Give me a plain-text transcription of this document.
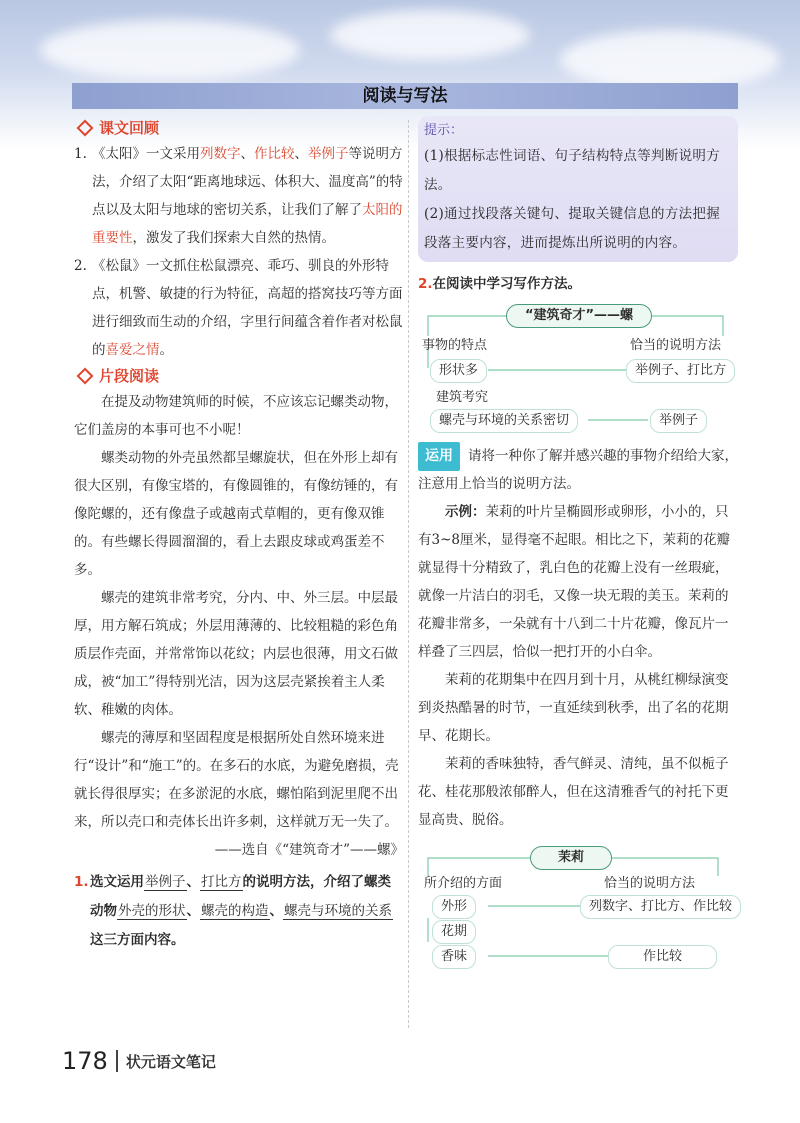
阅读与写法
课文回顾

1. 《太阳》一文采用列数字、作比较、举例子等说明方法，介绍了太阳“距离地球远、体积大、温度高”的特点以及太阳与地球的密切关系，让我们了解了太阳的重要性，激发了我们探索大自然的热情。

2. 《松鼠》一文抓住松鼠漂亮、乖巧、驯良的外形特点，机警、敏捷的行为特征，高超的搭窝技巧等方面进行细致而生动的介绍，字里行间蕴含着作者对松鼠的喜爱之情。

片段阅读

在提及动物建筑师的时候，不应该忘记螺类动物，它们盖房的本事可也不小呢！

螺类动物的外壳虽然都呈螺旋状，但在外形上却有很大区别，有像宝塔的，有像圆锥的，有像纺锤的，有像陀螺的，还有像盘子或越南式草帽的，更有像双锥的。有些螺长得圆溜溜的，看上去跟皮球或鸡蛋差不多。

螺壳的建筑非常考究，分内、中、外三层。中层最厚，用方解石筑成；外层用薄薄的、比较粗糙的彩色角质层作壳面，并常常饰以花纹；内层也很薄，用文石做成，被“加工”得特别光洁，因为这层壳紧挨着主人柔软、稚嫩的肉体。

螺壳的薄厚和坚固程度是根据所处自然环境来进行“设计”和“施工”的。在多石的水底，为避免磨损，壳就长得很厚实；在多淤泥的水底，螺怕陷到泥里爬不出来，所以壳口和壳体长出许多刺，这样就万无一失了。

——选自《“建筑奇才”——螺》

1. 选文运用举例子、打比方的说明方法，介绍了螺类动物外壳的形状、螺壳的构造、螺壳与环境的关系这三方面内容。

提示：

(1)根据标志性词语、句子结构特点等判断说明方法。

(2)通过找段落关键句、提取关键信息的方法把握段落主要内容，进而提炼出所说明的内容。

2.在阅读中学习写作方法。
“建筑奇才”——螺
事物的特点	恰当的说明方法
形状多	举例子、打比方
建筑考究
螺壳与环境的关系密切	举例子

运用 请将一种你了解并感兴趣的事物介绍给大家，注意用上恰当的说明方法。

示例：茉莉的叶片呈椭圆形或卵形，小小的，只有3~8厘米，显得毫不起眼。相比之下，茉莉的花瓣就显得十分精致了，乳白色的花瓣上没有一丝瑕疵，就像一片洁白的羽毛，又像一块无瑕的美玉。茉莉的花瓣非常多，一朵就有十八到二十片花瓣，像瓦片一样叠了三四层，恰似一把打开的小白伞。

茉莉的花期集中在四月到十月，从桃红柳绿演变到炎热酷暑的时节，一直延续到秋季，出了名的花期早、花期长。

茉莉的香味独特，香气鲜灵、清纯，虽不似栀子花、桂花那般浓郁醉人，但在这清雅香气的衬托下更显高贵、脱俗。

茉莉
所介绍的方面	恰当的说明方法
外形	列数字、打比方、作比较
花期
香味	作比较
178 状元语文笔记
